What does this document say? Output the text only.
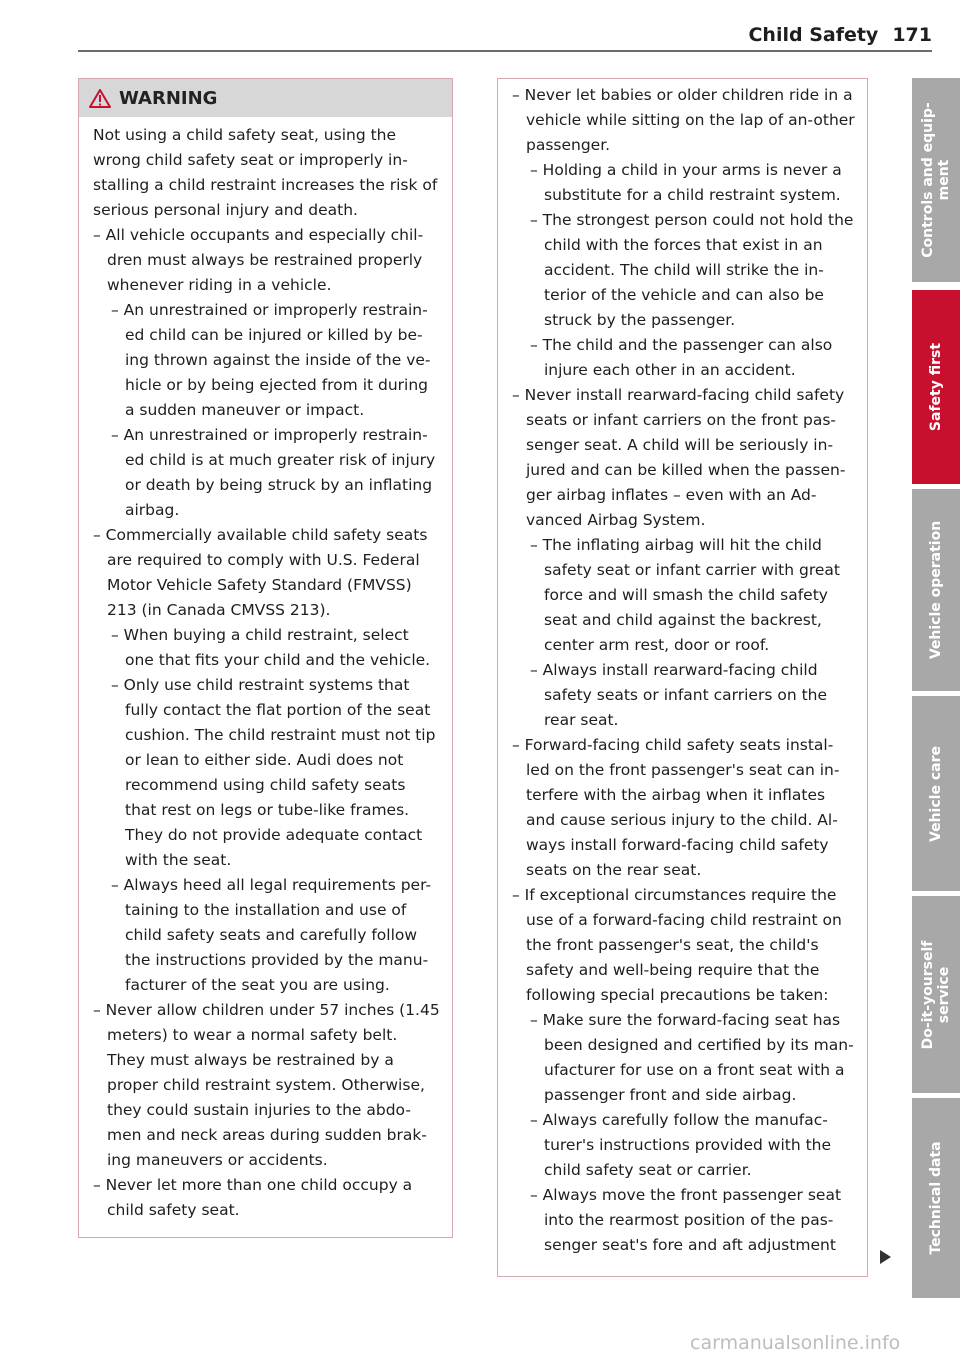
Child Safety 171
WARNING

Not using a child safety seat, using the wrong child safety seat or improperly in-stalling a child restraint increases the risk of serious personal injury and death.

– All vehicle occupants and especially chil-dren must always be restrained properly whenever riding in a vehicle.

– An unrestrained or improperly restrain-ed child can be injured or killed by be-ing thrown against the inside of the ve-hicle or by being ejected from it during a sudden maneuver or impact.

– An unrestrained or improperly restrain-ed child is at much greater risk of injury or death by being struck by an inflating airbag.

– Commercially available child safety seats are required to comply with U.S. Federal Motor Vehicle Safety Standard (FMVSS) 213 (in Canada CMVSS 213).

– When buying a child restraint, select one that fits your child and the vehicle.

– Only use child restraint systems that fully contact the flat portion of the seat cushion. The child restraint must not tip or lean to either side. Audi does not recommend using child safety seats that rest on legs or tube-like frames. They do not provide adequate contact with the seat.

– Always heed all legal requirements per-taining to the installation and use of child safety seats and carefully follow the instructions provided by the manu-facturer of the seat you are using.

– Never allow children under 57 inches (1.45 meters) to wear a normal safety belt. They must always be restrained by a proper child restraint system. Otherwise, they could sustain injuries to the abdo-men and neck areas during sudden brak-ing maneuvers or accidents.

– Never let more than one child occupy a child safety seat.

– Never let babies or older children ride in a vehicle while sitting on the lap of an-other passenger.

– Holding a child in your arms is never a substitute for a child restraint system.

– The strongest person could not hold the child with the forces that exist in an accident. The child will strike the in-terior of the vehicle and can also be struck by the passenger.

– The child and the passenger can also injure each other in an accident.

– Never install rearward-facing child safety seats or infant carriers on the front pas-senger seat. A child will be seriously in-jured and can be killed when the passen-ger airbag inflates – even with an Ad-vanced Airbag System.

– The inflating airbag will hit the child safety seat or infant carrier with great force and will smash the child safety seat and child against the backrest, center arm rest, door or roof.

– Always install rearward-facing child safety seats or infant carriers on the rear seat.

– Forward-facing child safety seats instal-led on the front passenger's seat can in-terfere with the airbag when it inflates and cause serious injury to the child. Al-ways install forward-facing child safety seats on the rear seat.

– If exceptional circumstances require the use of a forward-facing child restraint on the front passenger's seat, the child's safety and well-being require that the following special precautions be taken:

– Make sure the forward-facing seat has been designed and certified by its man-ufacturer for use on a front seat with a passenger front and side airbag.

– Always carefully follow the manufac-turer's instructions provided with the child safety seat or carrier.

– Always move the front passenger seat into the rearmost position of the pas-senger seat's fore and aft adjustment

Controls and equip-
ment
Safety first
Vehicle operation
Vehicle care
Do-it-yourself
service
Technical data
carmanualsonline.info
